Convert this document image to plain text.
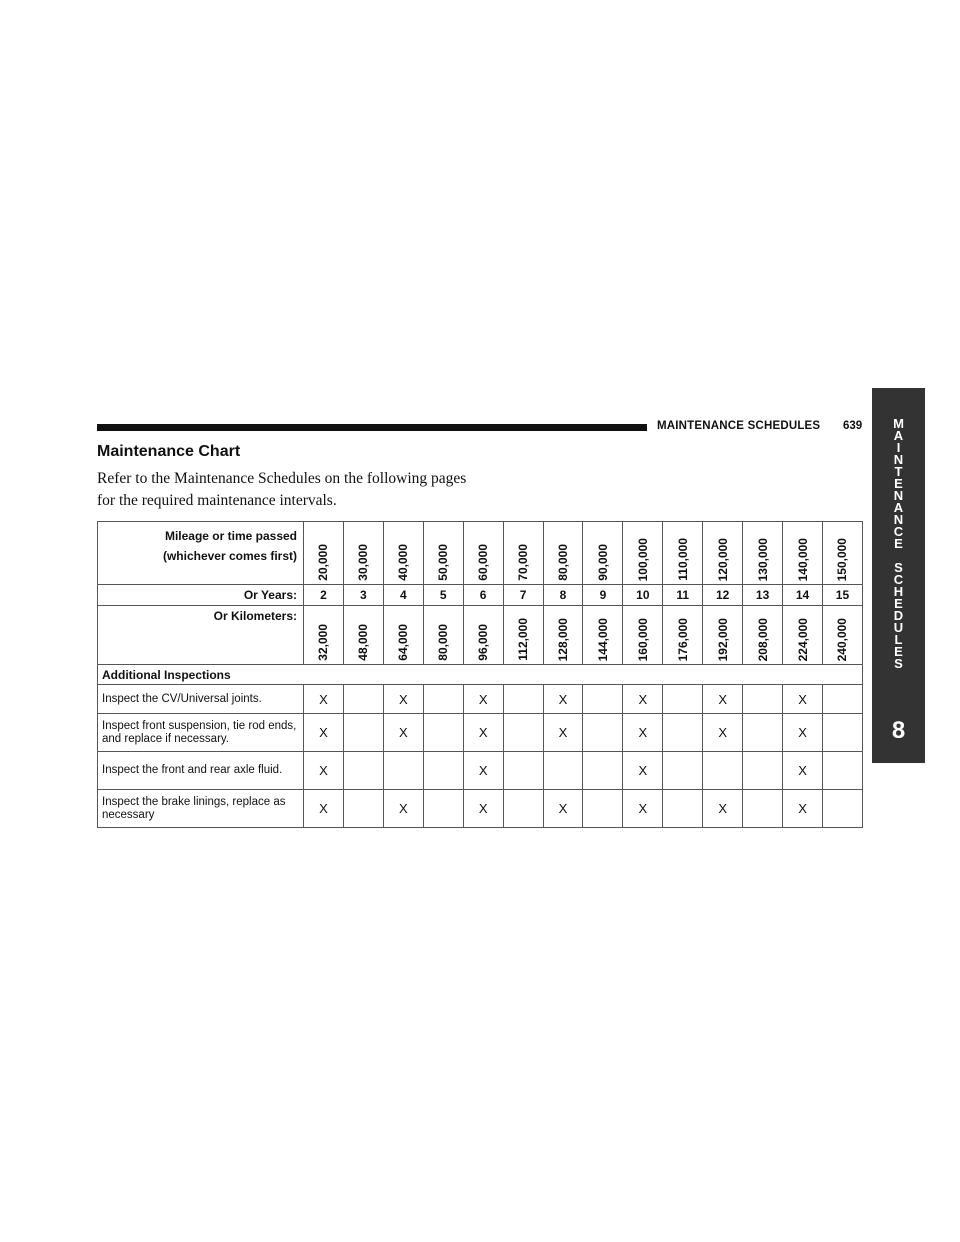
MAINTENANCE SCHEDULES 639	M
A
I
N
T
E
N
A
N
C
E
S
C
H
E
D
U
L
E
S
8
Maintenance Chart
Refer to the Maintenance Schedules on the following pages for the required maintenance intervals.
Mileage or time passed
(whichever comes first)	20,000	30,000	40,000	50,000	60,000	70,000	80,000	90,000	100,000	110,000	120,000	130,000	140,000	150,000
Or Years:	2	3	4	5	6	7	8	9	10	11	12	13	14	15
Or Kilometers:	32,000	48,000	64,000	80,000	96,000	112,000	128,000	144,000	160,000	176,000	192,000	208,000	224,000	240,000
Additional Inspections														
Inspect the CV/Universal joints.	X		X		X		X		X		X		X	
Inspect front suspension, tie rod ends, and replace if necessary.	X		X		X		X		X		X		X	
Inspect the front and rear axle fluid.	X				X				X				X	
Inspect the brake linings, replace as necessary	X		X		X		X		X		X		X	
